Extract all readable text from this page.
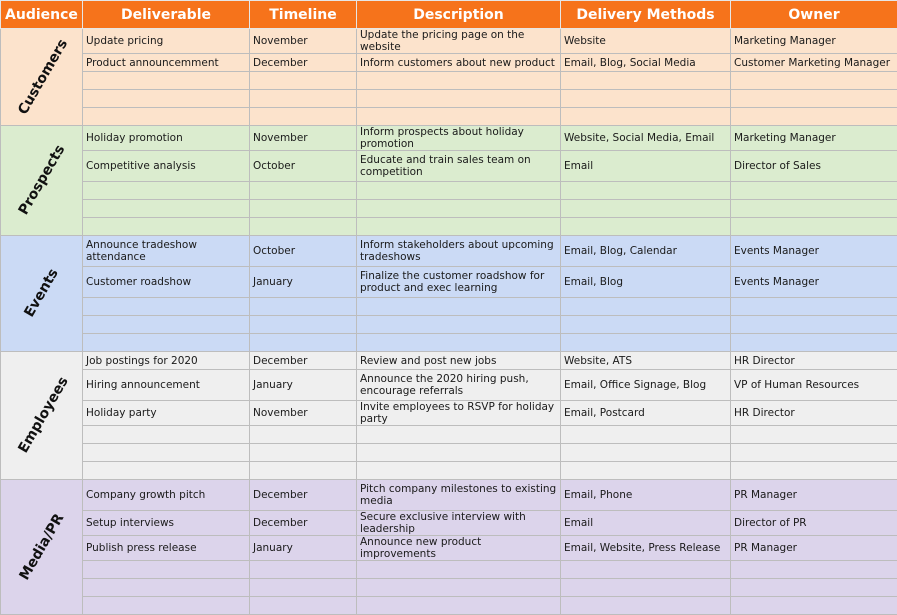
Audience	Deliverable	Timeline	Description	Delivery Methods	Owner
Customers	Update pricing	November	Update the pricing page on the website	Website	Marketing Manager
	Product announcemment	December	Inform customers about new product	Email, Blog, Social Media	Customer Marketing Manager

Prospects	Holiday promotion	November	Inform prospects about holiday promotion	Website, Social Media, Email	Marketing Manager
	Competitive analysis	October	Educate and train sales team on competition	Email	Director of Sales

Events	Announce tradeshow attendance	October	Inform stakeholders about upcoming tradeshows	Email, Blog, Calendar	Events Manager
	Customer roadshow	January	Finalize the customer roadshow for product and exec learning	Email, Blog	Events Manager

Employees	Job postings for 2020	December	Review and post new jobs	Website, ATS	HR Director
	Hiring announcement	January	Announce the 2020 hiring push, encourage referrals	Email, Office Signage, Blog	VP of Human Resources
	Holiday party	November	Invite employees to RSVP for holiday party	Email, Postcard	HR Director

Media/PR	Company growth pitch	December	Pitch company milestones to existing media	Email, Phone	PR Manager
	Setup interviews	December	Secure exclusive interview with leadership	Email	Director of PR
	Publish press release	January	Announce new product improvements	Email, Website, Press Release	PR Manager
